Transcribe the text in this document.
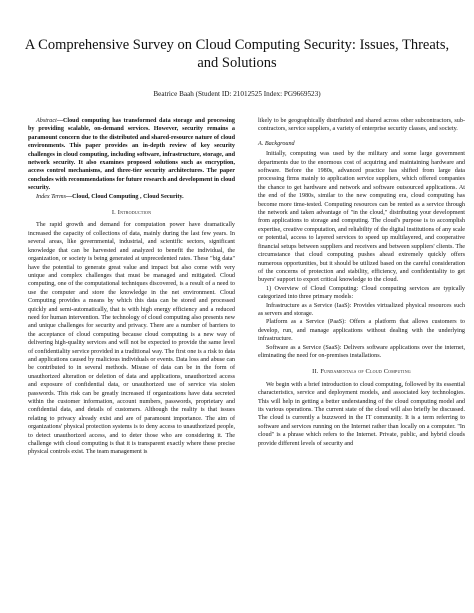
A Comprehensive Survey on Cloud Computing Security: Issues, Threats, and Solutions
Beatrice Baah (Student ID: 21012525 Index: PG9669523)

Abstract—Cloud computing has transformed data storage and processing by providing scalable, on-demand services. However, security remains a paramount concern due to the distributed and shared-resource nature of cloud environments. This paper provides an in-depth review of key security challenges in cloud computing, including software, infrastructure, storage, and network security. It also examines proposed solutions such as encryption, access control mechanisms, and three-tier security architectures. The paper concludes with recommendations for future research and development in cloud security.

Index Terms—Cloud, Cloud Computing , Cloud Security.

I. Introduction

The rapid growth and demand for computation power have dramatically increased the capacity of collections of data, mainly during the last few years. In several areas, like governmental, industrial, and scientific sectors, significant knowledge that can be harvested and analyzed to benefit the individual, the organization, or society is being generated at unprecedented rates. These "big data" have the potential to generate great value and impact but also come with very unique and complex challenges that must be managed and mitigated. Cloud computing, one of the computational techniques discovered, is a result of a need to use the computer and store the knowledge in the net environment. Cloud Computing provides a means by which this data can be stored and processed quickly and semi-automatically, that is with high energy efficiency and a reduced need for human intervention. The technology of cloud computing also presents new and unique challenges for security and privacy. There are a number of barriers to the acceptance of cloud computing because cloud computing is a new way of delivering high-quality services and will not be expected to provide the same level of confidentiality service provided in a traditional way. The first one is a risk to data and applications caused by malicious individuals or events. Data loss and abuse can be contributed to in several methods. Misuse of data can be in the form of unauthorized alteration or deletion of data and applications, unauthorized access and exposure of confidential data, or unauthorized use of service via stolen passwords. This risk can be greatly increased if organizations have data secreted within the customer information, account numbers, passwords, proprietary and confidential data, and details of customers. Although the reality is that issues relating to privacy already exist and are of paramount importance. The aim of organizations' physical protection systems is to deny access to unauthorized people, to detect unauthorized access, and to deter those who are considering it. The challenge with cloud computing is that it is transparent exactly where these precise physical controls exist. The team management is

likely to be geographically distributed and shared across other subcontractors, sub-contractors, service suppliers, a variety of enterprise security classes, and society.

A. Background

Initially, computing was used by the military and some large government departments due to the enormous cost of acquiring and maintaining hardware and software. Before the 1980s, advanced practice has shifted from large data processing firms mainly to application service suppliers, which offered companies the chance to get hardware and network and software outsourced applications. At the end of the 1980s, similar to the new computing era, cloud computing has become more time-tested. Computing resources can be rented as a service through the network and taken advantage of "in the cloud," distributing your development from applications to storage and computing. The cloud's purpose is to accomplish expertise, creative computation, and reliability of the digital institutions of any scale or potential, access to layered services to speed up multilayered, and cooperative financial setups between suppliers and receivers and between suppliers' clients. The circumstance that cloud computing pushes ahead extremely quickly offers numerous opportunities, but it should be utilized based on the careful consideration of the concerns of protection and stability, efficiency, and confidentiality to get buyers' support to export critical knowledge to the cloud.

1) Overview of Cloud Computing: Cloud computing services are typically categorized into three primary models:

Infrastructure as a Service (IaaS): Provides virtualized physical resources such as servers and storage.

Platform as a Service (PaaS): Offers a platform that allows customers to develop, run, and manage applications without dealing with the underlying infrastructure.

Software as a Service (SaaS): Delivers software applications over the internet, eliminating the need for on-premises installations.

II. Fundamentals of Cloud Computing

We begin with a brief introduction to cloud computing, followed by its essential characteristics, service and deployment models, and associated key technologies. This will help in getting a better understanding of the cloud computing model and its various operations. The current state of the cloud will also briefly be discussed. The cloud is currently a buzzword in the IT community. It is a term referring to software and services running on the Internet rather than locally on a computer. "In cloud" is a phrase which refers to the Internet. Private, public, and hybrid clouds provide different levels of security and
